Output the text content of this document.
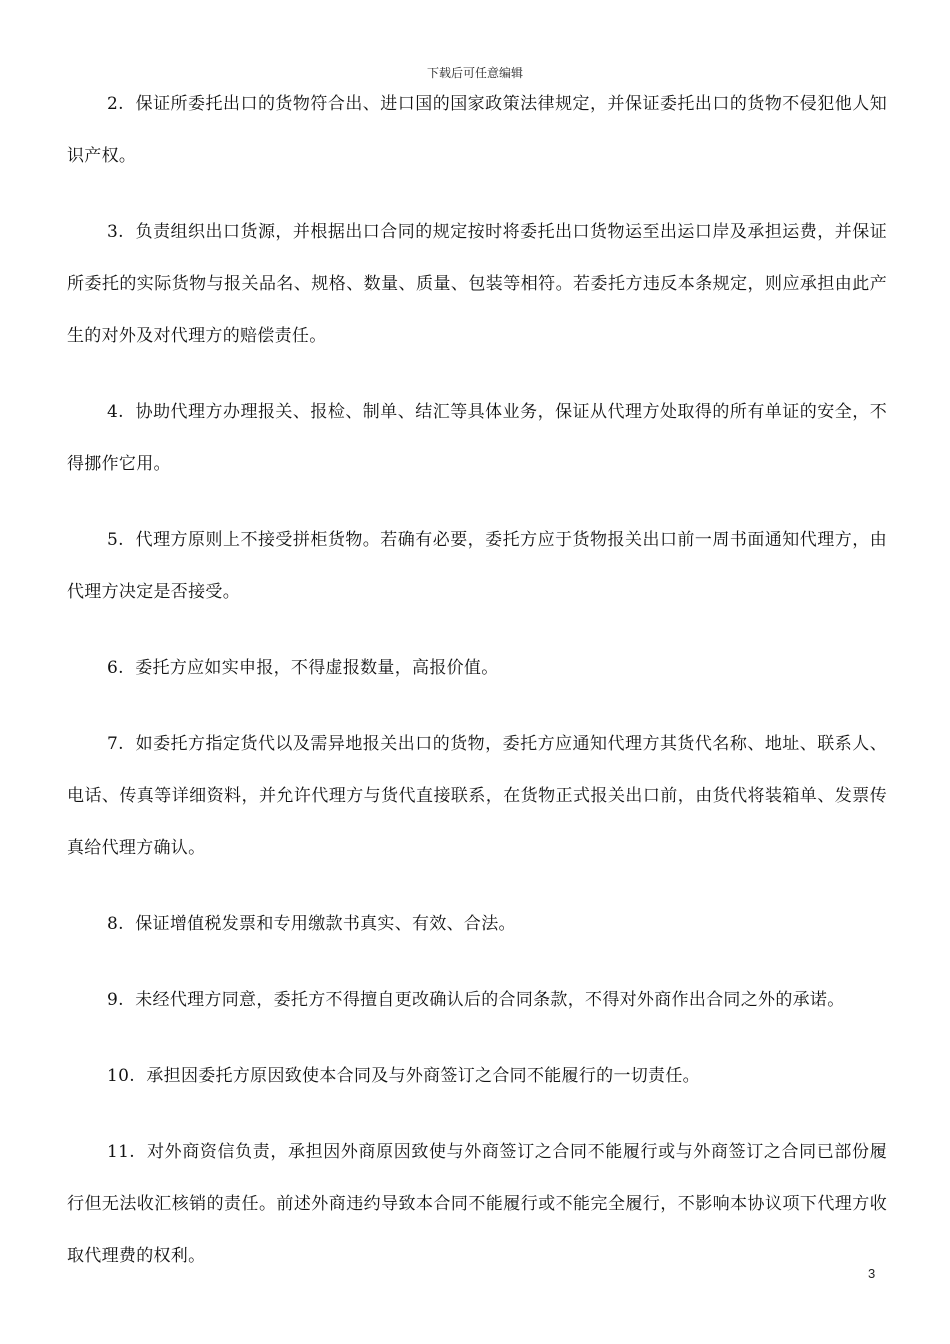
下载后可任意编辑

2.  保证所委托出口的货物符合出、进口国的国家政策法律规定，并保证委托出口的货物不侵犯他人知识产权。

3.  负责组织出口货源，并根据出口合同的规定按时将委托出口货物运至出运口岸及承担运费，并保证所委托的实际货物与报关品名、规格、数量、质量、包装等相符。若委托方违反本条规定，则应承担由此产生的对外及对代理方的赔偿责任。

4.  协助代理方办理报关、报检、制单、结汇等具体业务，保证从代理方处取得的所有单证的安全，不得挪作它用。

5.  代理方原则上不接受拼柜货物。若确有必要，委托方应于货物报关出口前一周书面通知代理方，由代理方决定是否接受。

6.  委托方应如实申报，不得虚报数量，高报价值。

7.  如委托方指定货代以及需异地报关出口的货物，委托方应通知代理方其货代名称、地址、联系人、电话、传真等详细资料，并允许代理方与货代直接联系，在货物正式报关出口前，由货代将装箱单、发票传真给代理方确认。

8.  保证增值税发票和专用缴款书真实、有效、合法。

9.  未经代理方同意，委托方不得擅自更改确认后的合同条款，不得对外商作出合同之外的承诺。

10.  承担因委托方原因致使本合同及与外商签订之合同不能履行的一切责任。

11.  对外商资信负责，承担因外商原因致使与外商签订之合同不能履行或与外商签订之合同已部份履行但无法收汇核销的责任。前述外商违约导致本合同不能履行或不能完全履行，不影响本协议项下代理方收取代理费的权利。

3
